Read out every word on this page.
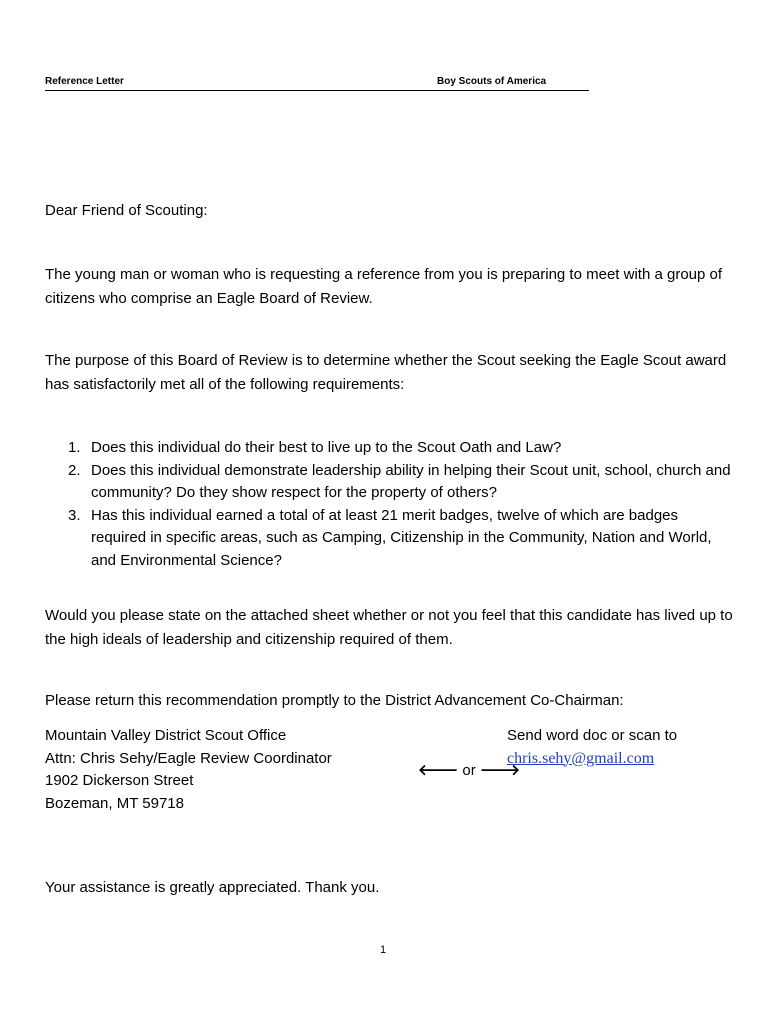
Reference Letter	Boy Scouts of America

Dear Friend of Scouting:

The young man or woman who is requesting a reference from you is preparing to meet with a group of citizens who comprise an Eagle Board of Review.

The purpose of this Board of Review is to determine whether the Scout seeking the Eagle Scout award has satisfactorily met all of the following requirements:

1. Does this individual do their best to live up to the Scout Oath and Law?
2. Does this individual demonstrate leadership ability in helping their Scout unit, school, church and community? Do they show respect for the property of others?
3. Has this individual earned a total of at least 21 merit badges, twelve of which are badges required in specific areas, such as Camping, Citizenship in the Community, Nation and World, and Environmental Science?

Would you please state on the attached sheet whether or not you feel that this candidate has lived up to the high ideals of leadership and citizenship required of them.

Please return this recommendation promptly to the District Advancement Co-Chairman:

Mountain Valley District Scout Office
Attn: Chris Sehy/Eagle Review Coordinator
1902 Dickerson Street
Bozeman, MT 59718
🡐 or 🡒
Send word doc or scan to
chris.sehy@gmail.com

Your assistance is greatly appreciated. Thank you.

1
